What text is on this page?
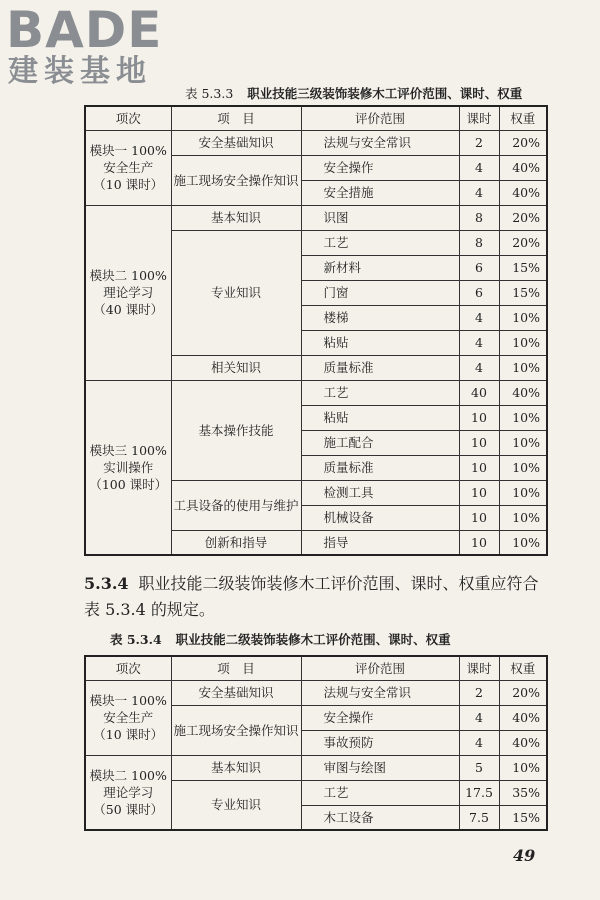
BADE
建装基地
表 5.3.3 职业技能三级装饰装修木工评价范围、课时、权重
项次	项　目	评价范围	课时	权重

模块一 100%
安全生产
（10 课时）	安全基础知识	法规与安全常识	2	20%
	施工现场安全操作知识	安全操作	4	40%
		安全措施	4	40%

模块二 100%
理论学习
（40 课时）	基本知识	识图	8	20%
	专业知识	工艺	8	20%
		新材料	6	15%
		门窗	6	15%
		楼梯	4	10%
		粘贴	4	10%
	相关知识	质量标准	4	10%

模块三 100%
实训操作
（100 课时）	基本操作技能	工艺	40	40%
		粘贴	10	10%
		施工配合	10	10%
		质量标准	10	10%
	工具设备的使用与维护	检测工具	10	10%
		机械设备	10	10%
	创新和指导	指导	10	10%
5.3.4 职业技能二级装饰装修木工评价范围、课时、权重应符合表 5.3.4 的规定。
表 5.3.4 职业技能二级装饰装修木工评价范围、课时、权重
项次	项　目	评价范围	课时	权重

模块一 100%
安全生产
（10 课时）	安全基础知识	法规与安全常识	2	20%
	施工现场安全操作知识	安全操作	4	40%
		事故预防	4	40%

模块二 100%
理论学习
（50 课时）	基本知识	审图与绘图	5	10%
	专业知识	工艺	17.5	35%
		木工设备	7.5	15%
49
